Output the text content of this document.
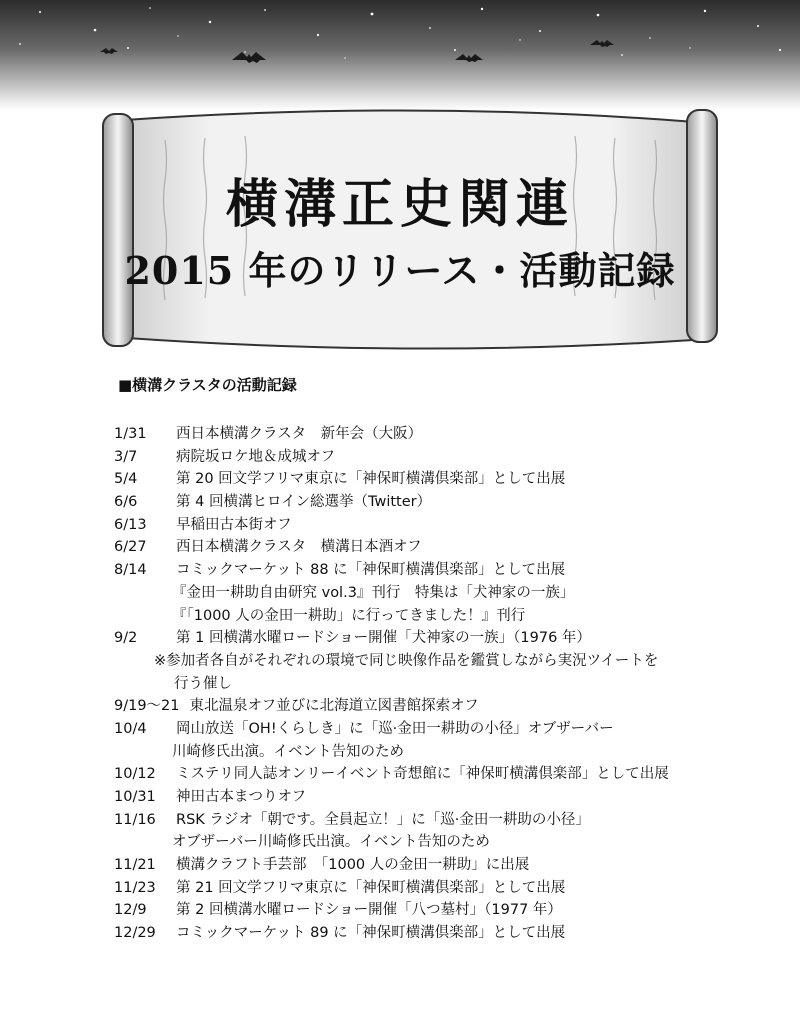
横溝正史関連
2015 年のリリース・活動記録
■横溝クラスタの活動記録
1/31 西日本横溝クラスタ　新年会（大阪）
3/7	病院坂ロケ地＆成城オフ
5/4	第 20 回文学フリマ東京に「神保町横溝倶楽部」として出展
6/6	第 4 回横溝ヒロイン総選挙（Twitter）
6/13 早稲田古本街オフ
6/27 西日本横溝クラスタ　横溝日本酒オフ
8/14 コミックマーケット 88 に「神保町横溝倶楽部」として出展
『金田一耕助自由研究 vol.3』刊行　特集は「犬神家の一族」
『「1000 人の金田一耕助」に行ってきました！』刊行
9/2	第 1 回横溝水曜ロードショー開催「犬神家の一族」（1976 年）
※参加者各自がそれぞれの環境で同じ映像作品を鑑賞しながら実況ツイートを
行う催し
9/19〜21 東北温泉オフ並びに北海道立図書館探索オフ
10/4 岡山放送「OH!くらしき」に「巡·金田一耕助の小径」オブザーバー
川崎修氏出演。イベント告知のため
10/12 ミステリ同人誌オンリーイベント奇想館に「神保町横溝倶楽部」として出展
10/31 神田古本まつりオフ
11/16 RSK ラジオ「朝です。全員起立！」に「巡·金田一耕助の小径」
オブザーバー川崎修氏出演。イベント告知のため
11/21 横溝クラフト手芸部　「1000 人の金田一耕助」に出展
11/23 第 21 回文学フリマ東京に「神保町横溝倶楽部」として出展
12/9 第 2 回横溝水曜ロードショー開催「八つ墓村」（1977 年）
12/29 コミックマーケット 89 に「神保町横溝倶楽部」として出展
